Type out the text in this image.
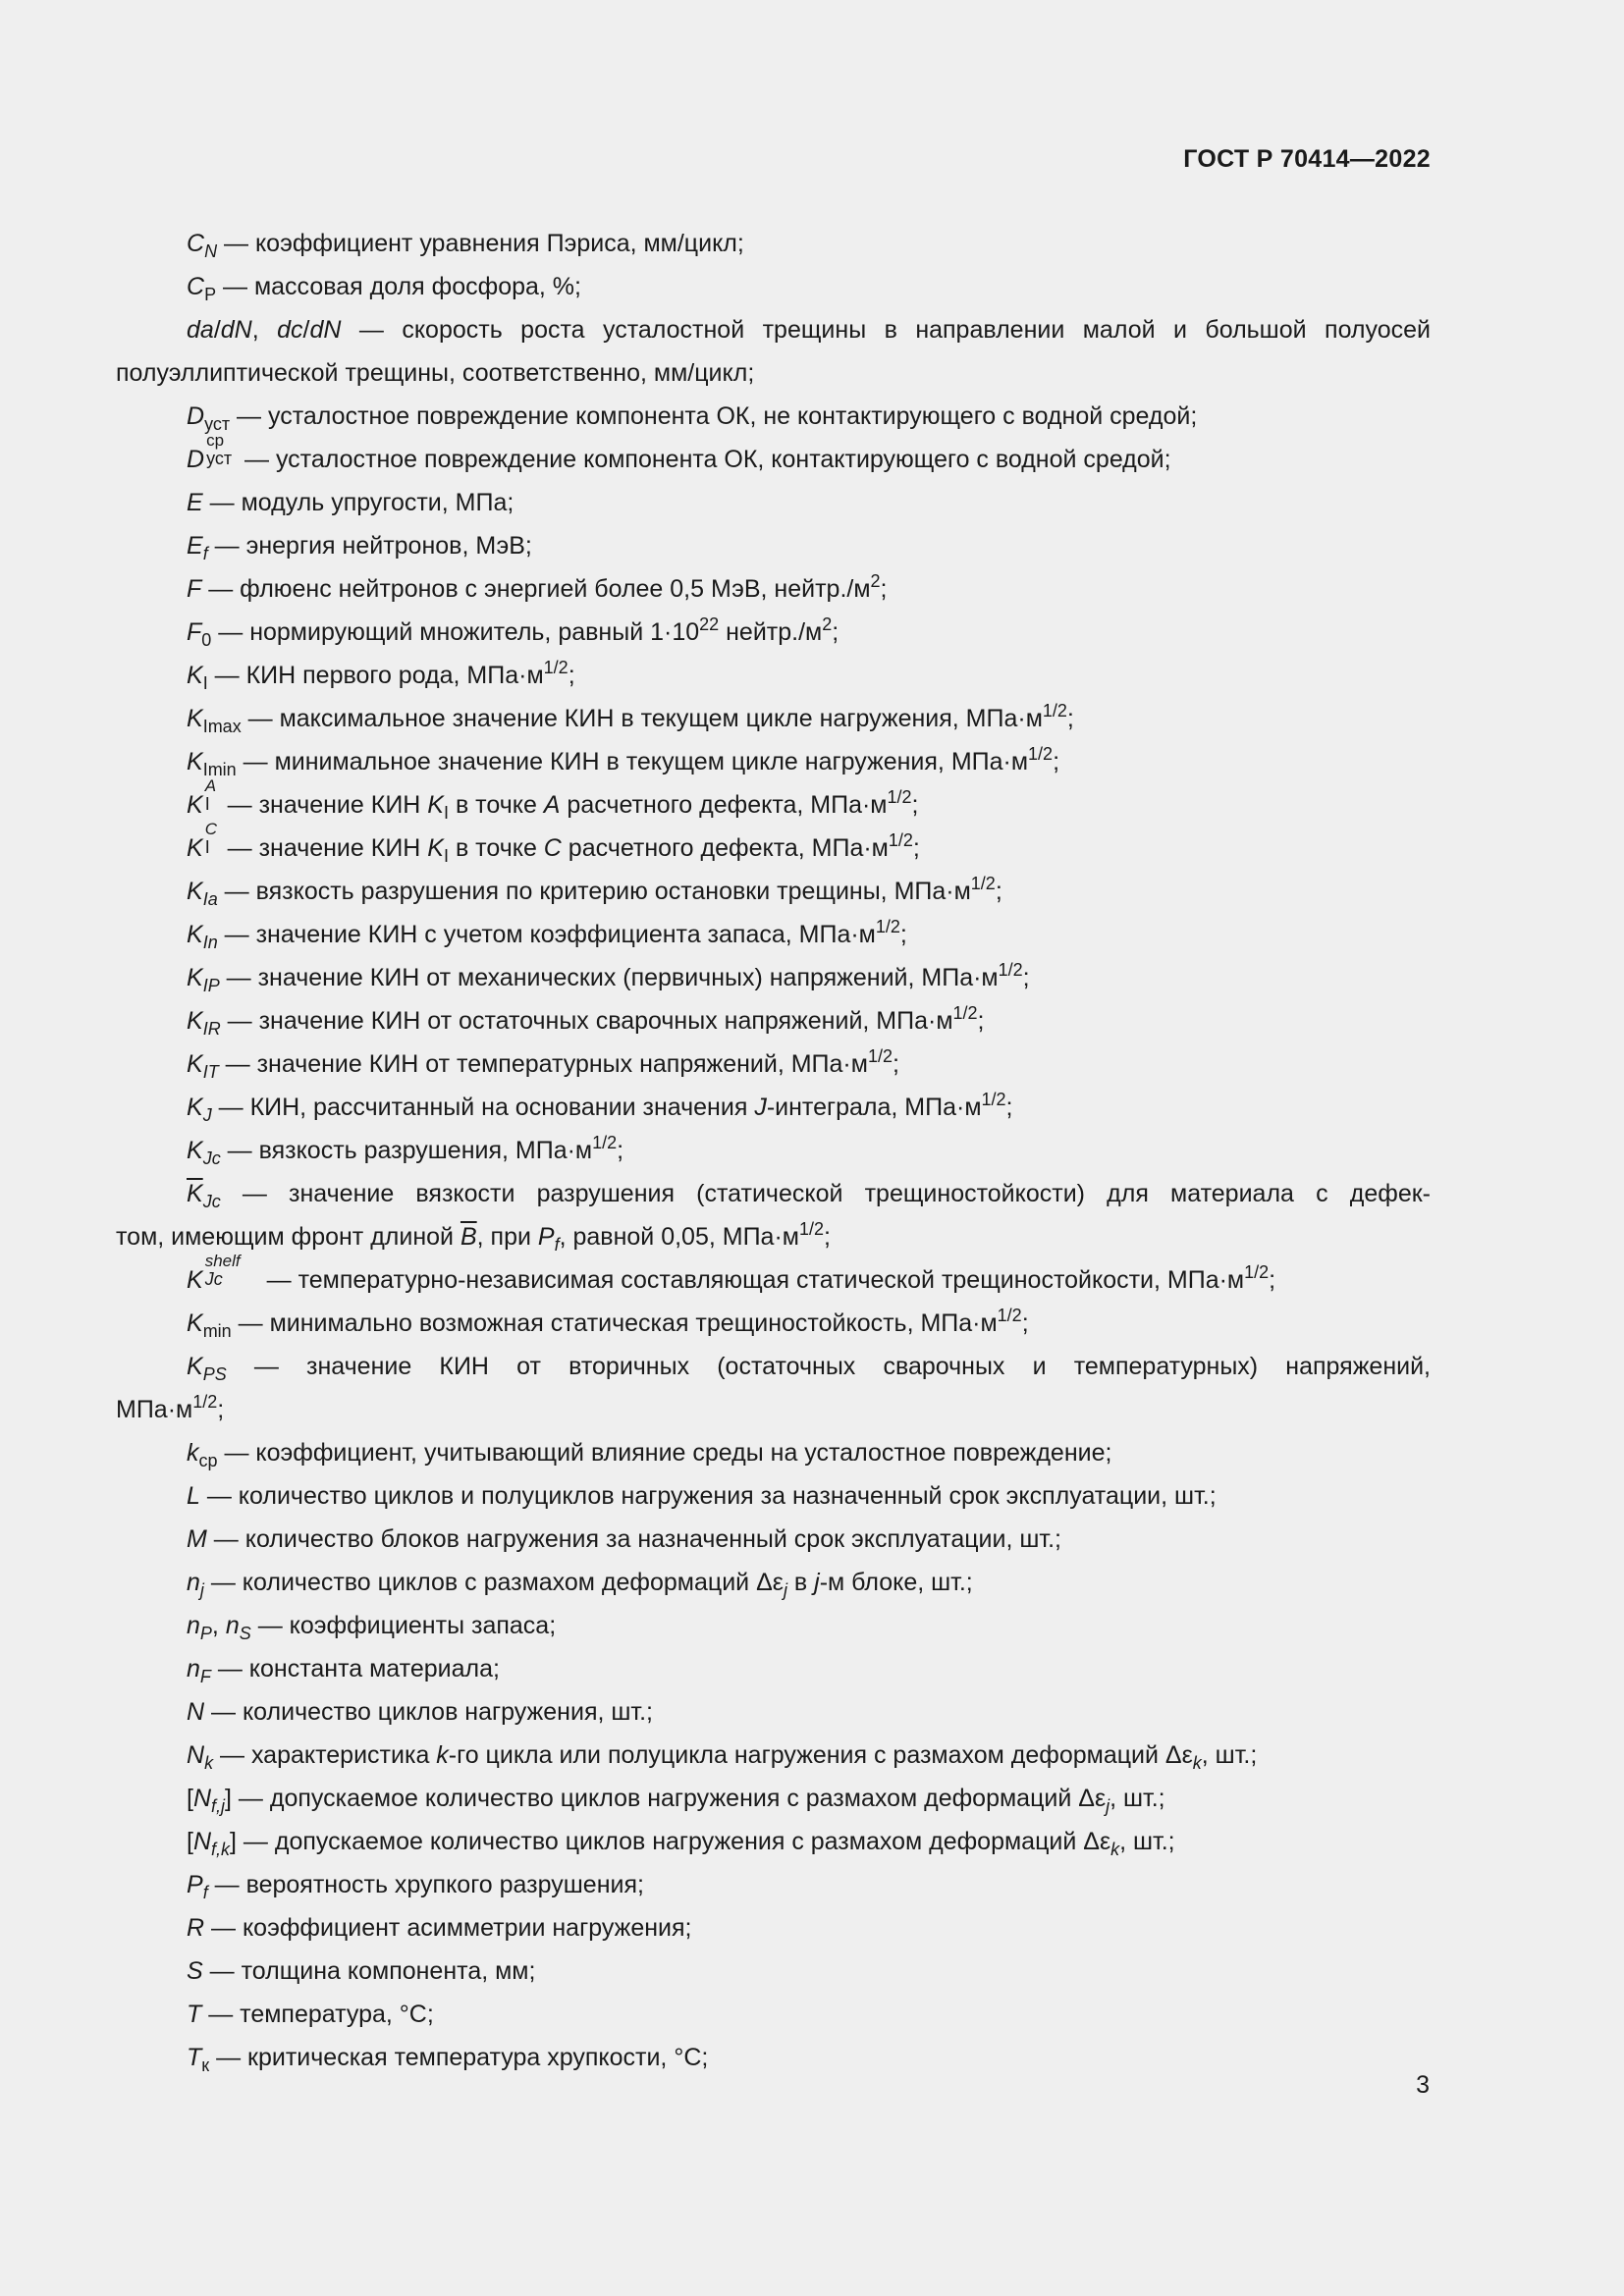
ГОСТ Р 70414—2022
$C_N$ — коэффициент уравнения Пэриса, мм/цикл;
$C_Р$ — массовая доля фосфора, %;
da/dN, dc/dN — скорость роста усталостной трещины в направлении малой и большой полуосей
полуэллиптической трещины, соответственно, мм/цикл;
$D_{уст}$ — усталостное повреждение компонента ОК, не контактирующего с водной средой;
D
ср
уст — усталостное повреждение компонента ОК, контактирующего с водной средой;
E — модуль упругости, МПа;
$E_f$ — энергия нейтронов, МэВ;
F — флюенс нейтронов с энергией более 0,5 МэВ, $нейтр./м^2$;
$F_0$ — нормирующий множитель, равный $1\cdot 10^{22}$ $нейтр./м^2$;
$K_I$ — КИН первого рода, $МПа\cdot м^{1/2}$;
$K_{Imax}$ — максимальное значение КИН в текущем цикле нагружения, $МПа\cdot м^{1/2}$;
$K_{Imin}$ — минимальное значение КИН в текущем цикле нагружения, $МПа\cdot м^{1/2}$;
K
A
I — значение КИН $K_I$ в точке A расчетного дефекта, $МПа\cdot м^{1/2}$;
K
C
I — значение КИН $K_I$ в точке C расчетного дефекта, $МПа\cdot м^{1/2}$;
$K_{Ia}$ — вязкость разрушения по критерию остановки трещины, $МПа\cdot м^{1/2}$;
$K_{In}$ — значение КИН с учетом коэффициента запаса, $МПа\cdot м^{1/2}$;
$K_{IP}$ — значение КИН от механических (первичных) напряжений, $МПа\cdot м^{1/2}$;
$K_{IR}$ — значение КИН от остаточных сварочных напряжений, $МПа\cdot м^{1/2}$;
$K_{IT}$ — значение КИН от температурных напряжений, $МПа\cdot м^{1/2}$;
$K_J$ — КИН, рассчитанный на основании значения J-интеграла, $МПа\cdot м^{1/2}$;
$K_{Jc}$ — вязкость разрушения, $МПа\cdot м^{1/2}$;
$\overline{K}_{Jc}$ — значение вязкости разрушения (статической трещиностойкости) для материала с дефек-
том, имеющим фронт длиной $\overline{B}$, при $P_f$, равной 0,05, $МПа\cdot м^{1/2}$;
K
shelf
Jc — температурно-независимая составляющая статической трещиностойкости, $МПа\cdot м^{1/2}$;
$K_{min}$ — минимально возможная статическая трещиностойкость, $МПа\cdot м^{1/2}$;
$K_{PS}$ — значение КИН от вторичных (остаточных сварочных и температурных) напряжений,
$МПа\cdot м^{1/2}$;
$k_{ср}$ — коэффициент, учитывающий влияние среды на усталостное повреждение;
L — количество циклов и полуциклов нагружения за назначенный срок эксплуатации, шт.;
M — количество блоков нагружения за назначенный срок эксплуатации, шт.;
$n_j$ — количество циклов с размахом деформаций $\Delta\varepsilon_j$ в j-м блоке, шт.;
$n_P$, $n_S$ — коэффициенты запаса;
$n_F$ — константа материала;
N — количество циклов нагружения, шт.;
$N_k$ — характеристика k-го цикла или полуцикла нагружения с размахом деформаций $\Delta\varepsilon_k$, шт.;
$[N_{f,j}]$ — допускаемое количество циклов нагружения с размахом деформаций $\Delta\varepsilon_j$, шт.;
$[N_{f,k}]$ — допускаемое количество циклов нагружения с размахом деформаций $\Delta\varepsilon_k$, шт.;
$P_f$ — вероятность хрупкого разрушения;
R — коэффициент асимметрии нагружения;
S — толщина компонента, мм;
T — температура, °С;
$T_к$ — критическая температура хрупкости, °С;
3
